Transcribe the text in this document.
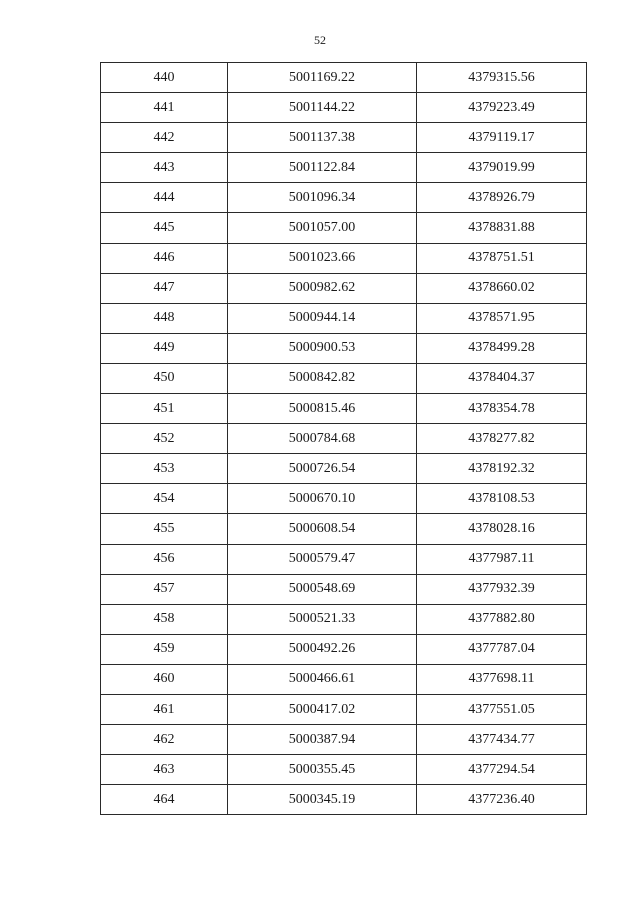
52
440	5001169.22	4379315.56
441	5001144.22	4379223.49
442	5001137.38	4379119.17
443	5001122.84	4379019.99
444	5001096.34	4378926.79
445	5001057.00	4378831.88
446	5001023.66	4378751.51
447	5000982.62	4378660.02
448	5000944.14	4378571.95
449	5000900.53	4378499.28
450	5000842.82	4378404.37
451	5000815.46	4378354.78
452	5000784.68	4378277.82
453	5000726.54	4378192.32
454	5000670.10	4378108.53
455	5000608.54	4378028.16
456	5000579.47	4377987.11
457	5000548.69	4377932.39
458	5000521.33	4377882.80
459	5000492.26	4377787.04
460	5000466.61	4377698.11
461	5000417.02	4377551.05
462	5000387.94	4377434.77
463	5000355.45	4377294.54
464	5000345.19	4377236.40
